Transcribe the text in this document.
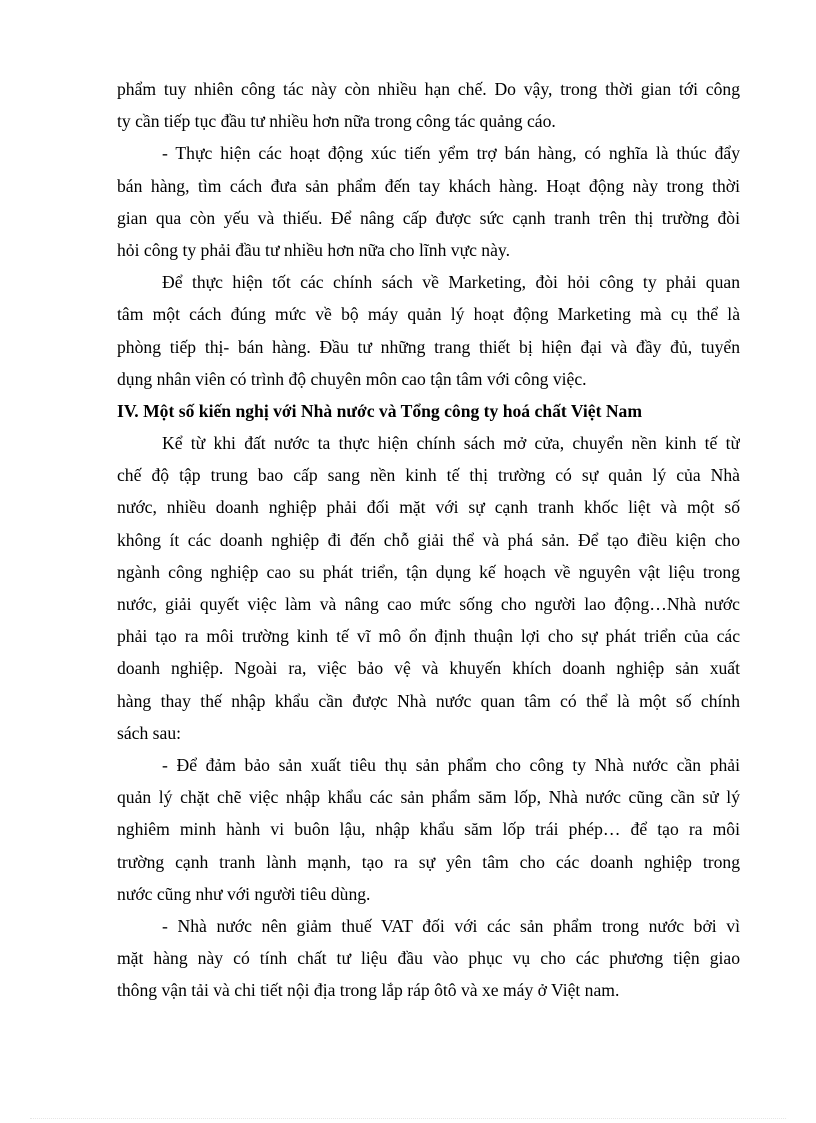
phẩm tuy nhiên công tác này còn nhiều hạn chế. Do vậy, trong thời gian tới công
ty cần tiếp tục đầu tư nhiều hơn nữa trong công tác quảng cáo.
- Thực hiện các hoạt động xúc tiến yểm trợ bán hàng, có nghĩa là thúc đẩy
bán hàng, tìm cách đưa sản phẩm đến tay khách hàng. Hoạt động này trong thời
gian qua còn yếu và thiếu. Để nâng cấp được sức cạnh tranh trên thị trường đòi
hỏi công ty phải đầu tư nhiều hơn nữa cho lĩnh vực này.
Để thực hiện tốt các chính sách về Marketing, đòi hỏi công ty phải quan
tâm một cách đúng mức về bộ máy quản lý hoạt động Marketing mà cụ thể là
phòng tiếp thị- bán hàng. Đầu tư những trang thiết bị hiện đại và đầy đủ, tuyển
dụng nhân viên có trình độ chuyên môn cao tận tâm với công việc.
IV. Một số kiến nghị với Nhà nước và Tổng công ty hoá chất Việt Nam
Kể từ khi đất nước ta thực hiện chính sách mở cửa, chuyển nền kinh tế từ
chế độ tập trung bao cấp sang nền kinh tế thị trường có sự quản lý của Nhà
nước, nhiều doanh nghiệp phải đối mặt với sự cạnh tranh khốc liệt và một số
không ít các doanh nghiệp đi đến chỗ giải thể và phá sản. Để tạo điều kiện cho
ngành công nghiệp cao su phát triển, tận dụng kế hoạch về nguyên vật liệu trong
nước, giải quyết việc làm và nâng cao mức sống cho người lao động…Nhà nước
phải tạo ra môi trường kinh tế vĩ mô ổn định thuận lợi cho sự phát triển của các
doanh nghiệp. Ngoài ra, việc bảo vệ và khuyến khích doanh nghiệp sản xuất
hàng thay thế nhập khẩu cần được Nhà nước quan tâm có thể là một số chính
sách sau:
- Để đảm bảo sản xuất tiêu thụ sản phẩm cho công ty Nhà nước cần phải
quản lý chặt chẽ việc nhập khẩu các sản phẩm săm lốp, Nhà nước cũng cần sử lý
nghiêm minh hành vi buôn lậu, nhập khẩu săm lốp trái phép… để tạo ra môi
trường cạnh tranh lành mạnh, tạo ra sự yên tâm cho các doanh nghiệp trong
nước cũng như với người tiêu dùng.
- Nhà nước nên giảm thuế VAT đối với các sản phẩm trong nước bởi vì
mặt hàng này có tính chất tư liệu đầu vào phục vụ cho các phương tiện giao
thông vận tải và chi tiết nội địa trong lắp ráp ôtô và xe máy ở Việt nam.
